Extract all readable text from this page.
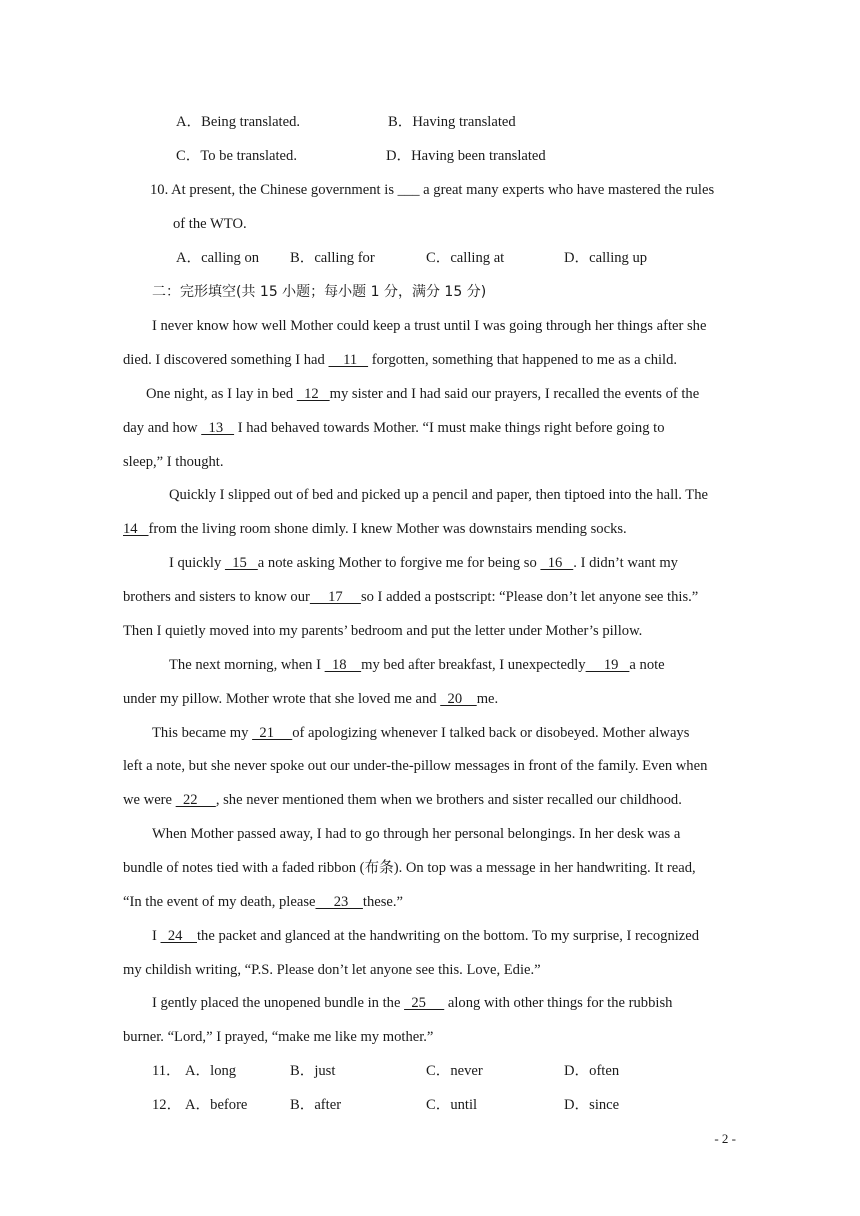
A．Being translated.	B．Having translated
C．To be translated.	D．Having been translated
10. At present, the Chinese government is ___ a great many experts who have mastered the rules
of the WTO.
A．calling on B．calling for	C．calling at	D．calling up
二：完形填空(共 15 小题；每小题 1 分，满分 15 分)
I never know how well Mother could keep a trust until I was going through her things after she
died. I discovered something I had     11    forgotten, something that happened to me as a child.
One night, as I lay in bed   12   my sister and I had said our prayers, I recalled the events of the
day and how   13    I had behaved towards Mother. “I must make things right before going to
sleep,” I thought.
Quickly I slipped out of bed and picked up a pencil and paper, then tiptoed into the hall. The
14   from the living room shone dimly. I knew Mother was downstairs mending socks.
I quickly   15   a note asking Mother to forgive me for being so   16   . I didn’t want my
brothers and sisters to know our     17     so I added a postscript: “Please don’t let anyone see this.”
Then I quietly moved into my parents’ bedroom and put the letter under Mother’s pillow.
The next morning, when I   18    my bed after breakfast, I unexpectedly     19   a note
under my pillow. Mother wrote that she loved me and   20    me.
This became my   21     of apologizing whenever I talked back or disobeyed. Mother always
left a note, but she never spoke out our under-the-pillow messages in front of the family. Even when
we were   22     , she never mentioned them when we brothers and sister recalled our childhood.
When Mother passed away, I had to go through her personal belongings. In her desk was a
bundle of notes tied with a faded ribbon (布条). On top was a message in her handwriting. It read,
“In the event of my death, please     23    these.”
I   24    the packet and glanced at the handwriting on the bottom. To my surprise, I recognized
my childish writing, “P.S. Please don’t let anyone see this. Love, Edie.”
I gently placed the unopened bundle in the   25      along with other things for the rubbish
burner. “Lord,” I prayed, “make me like my mother.”
11． A．long	B．just	C．never	D．often
12． A．before	B．after	C．until	D．since
- 2 -
